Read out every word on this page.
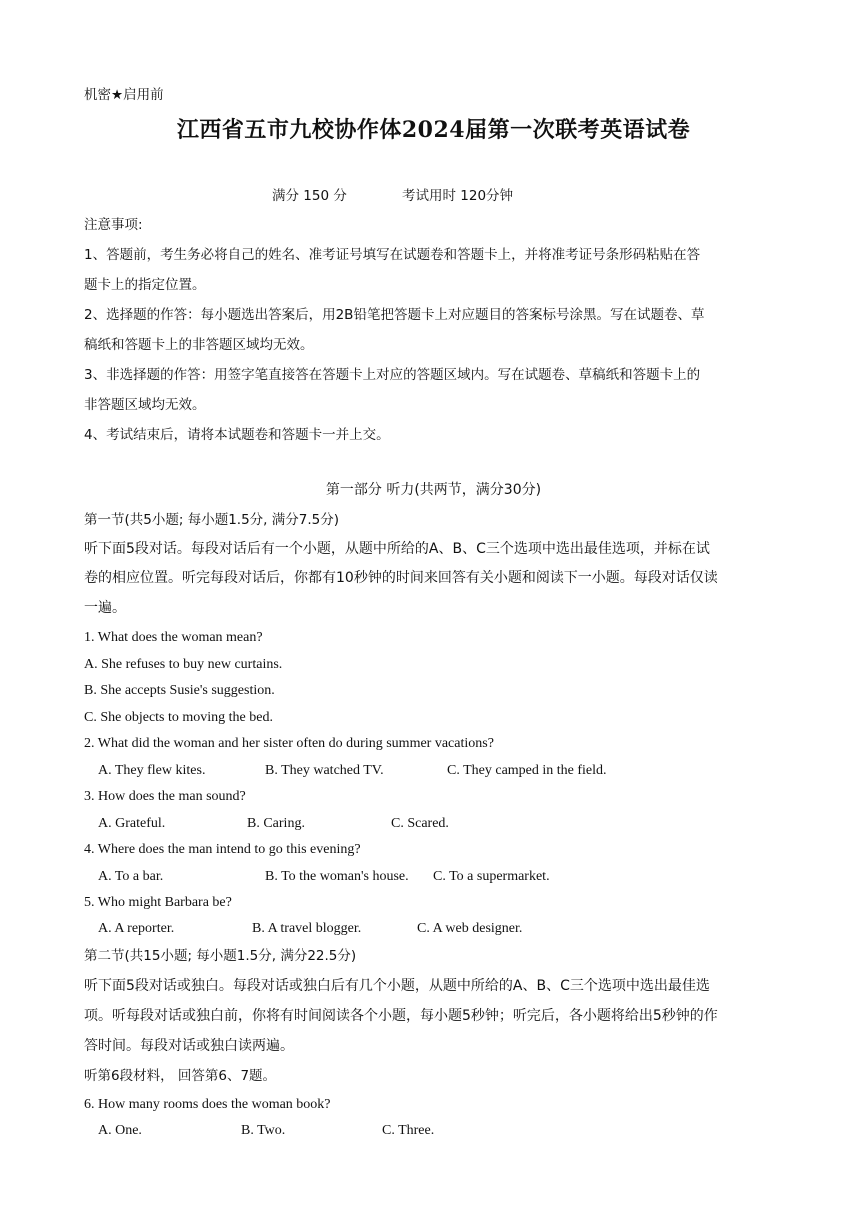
机密★启用前
江西省五市九校协作体2024届第一次联考英语试卷
满分 150 分	考试用时 120分钟
注意事项:
1、答题前，考生务必将自己的姓名、准考证号填写在试题卷和答题卡上，并将准考证号条形码粘贴在答
题卡上的指定位置。
2、选择题的作答：每小题选出答案后，用2B铅笔把答题卡上对应题目的答案标号涂黑。写在试题卷、草
稿纸和答题卡上的非答题区域均无效。
3、非选择题的作答：用签字笔直接答在答题卡上对应的答题区域内。写在试题卷、草稿纸和答题卡上的
非答题区域均无效。
4、考试结束后，请将本试题卷和答题卡一并上交。
第一部分 听力(共两节，满分30分)
第一节(共5小题; 每小题1.5分, 满分7.5分)
听下面5段对话。每段对话后有一个小题，从题中所给的A、B、C三个选项中选出最佳选项，并标在试
卷的相应位置。听完每段对话后，你都有10秒钟的时间来回答有关小题和阅读下一小题。每段对话仅读
一遍。
1. What does the woman mean?
A. She refuses to buy new curtains.
B. She accepts Susie's suggestion.
C. She objects to moving the bed.
2. What did the woman and her sister often do during summer vacations?
A. They flew kites.	B. They watched TV.	C. They camped in the field.
3. How does the man sound?
A. Grateful.	B. Caring.	C. Scared.
4. Where does the man intend to go this evening?
A. To a bar.	B. To the woman's house. C. To a supermarket.
5. Who might Barbara be?
A. A reporter.	B. A travel blogger.	C. A web designer.
第二节(共15小题; 每小题1.5分, 满分22.5分)
听下面5段对话或独白。每段对话或独白后有几个小题，从题中所给的A、B、C三个选项中选出最佳选
项。听每段对话或独白前，你将有时间阅读各个小题，每小题5秒钟；听完后，各小题将给出5秒钟的作
答时间。每段对话或独白读两遍。
听第6段材料， 回答第6、7题。
6. How many rooms does the woman book?
A. One.	B. Two.	C. Three.
